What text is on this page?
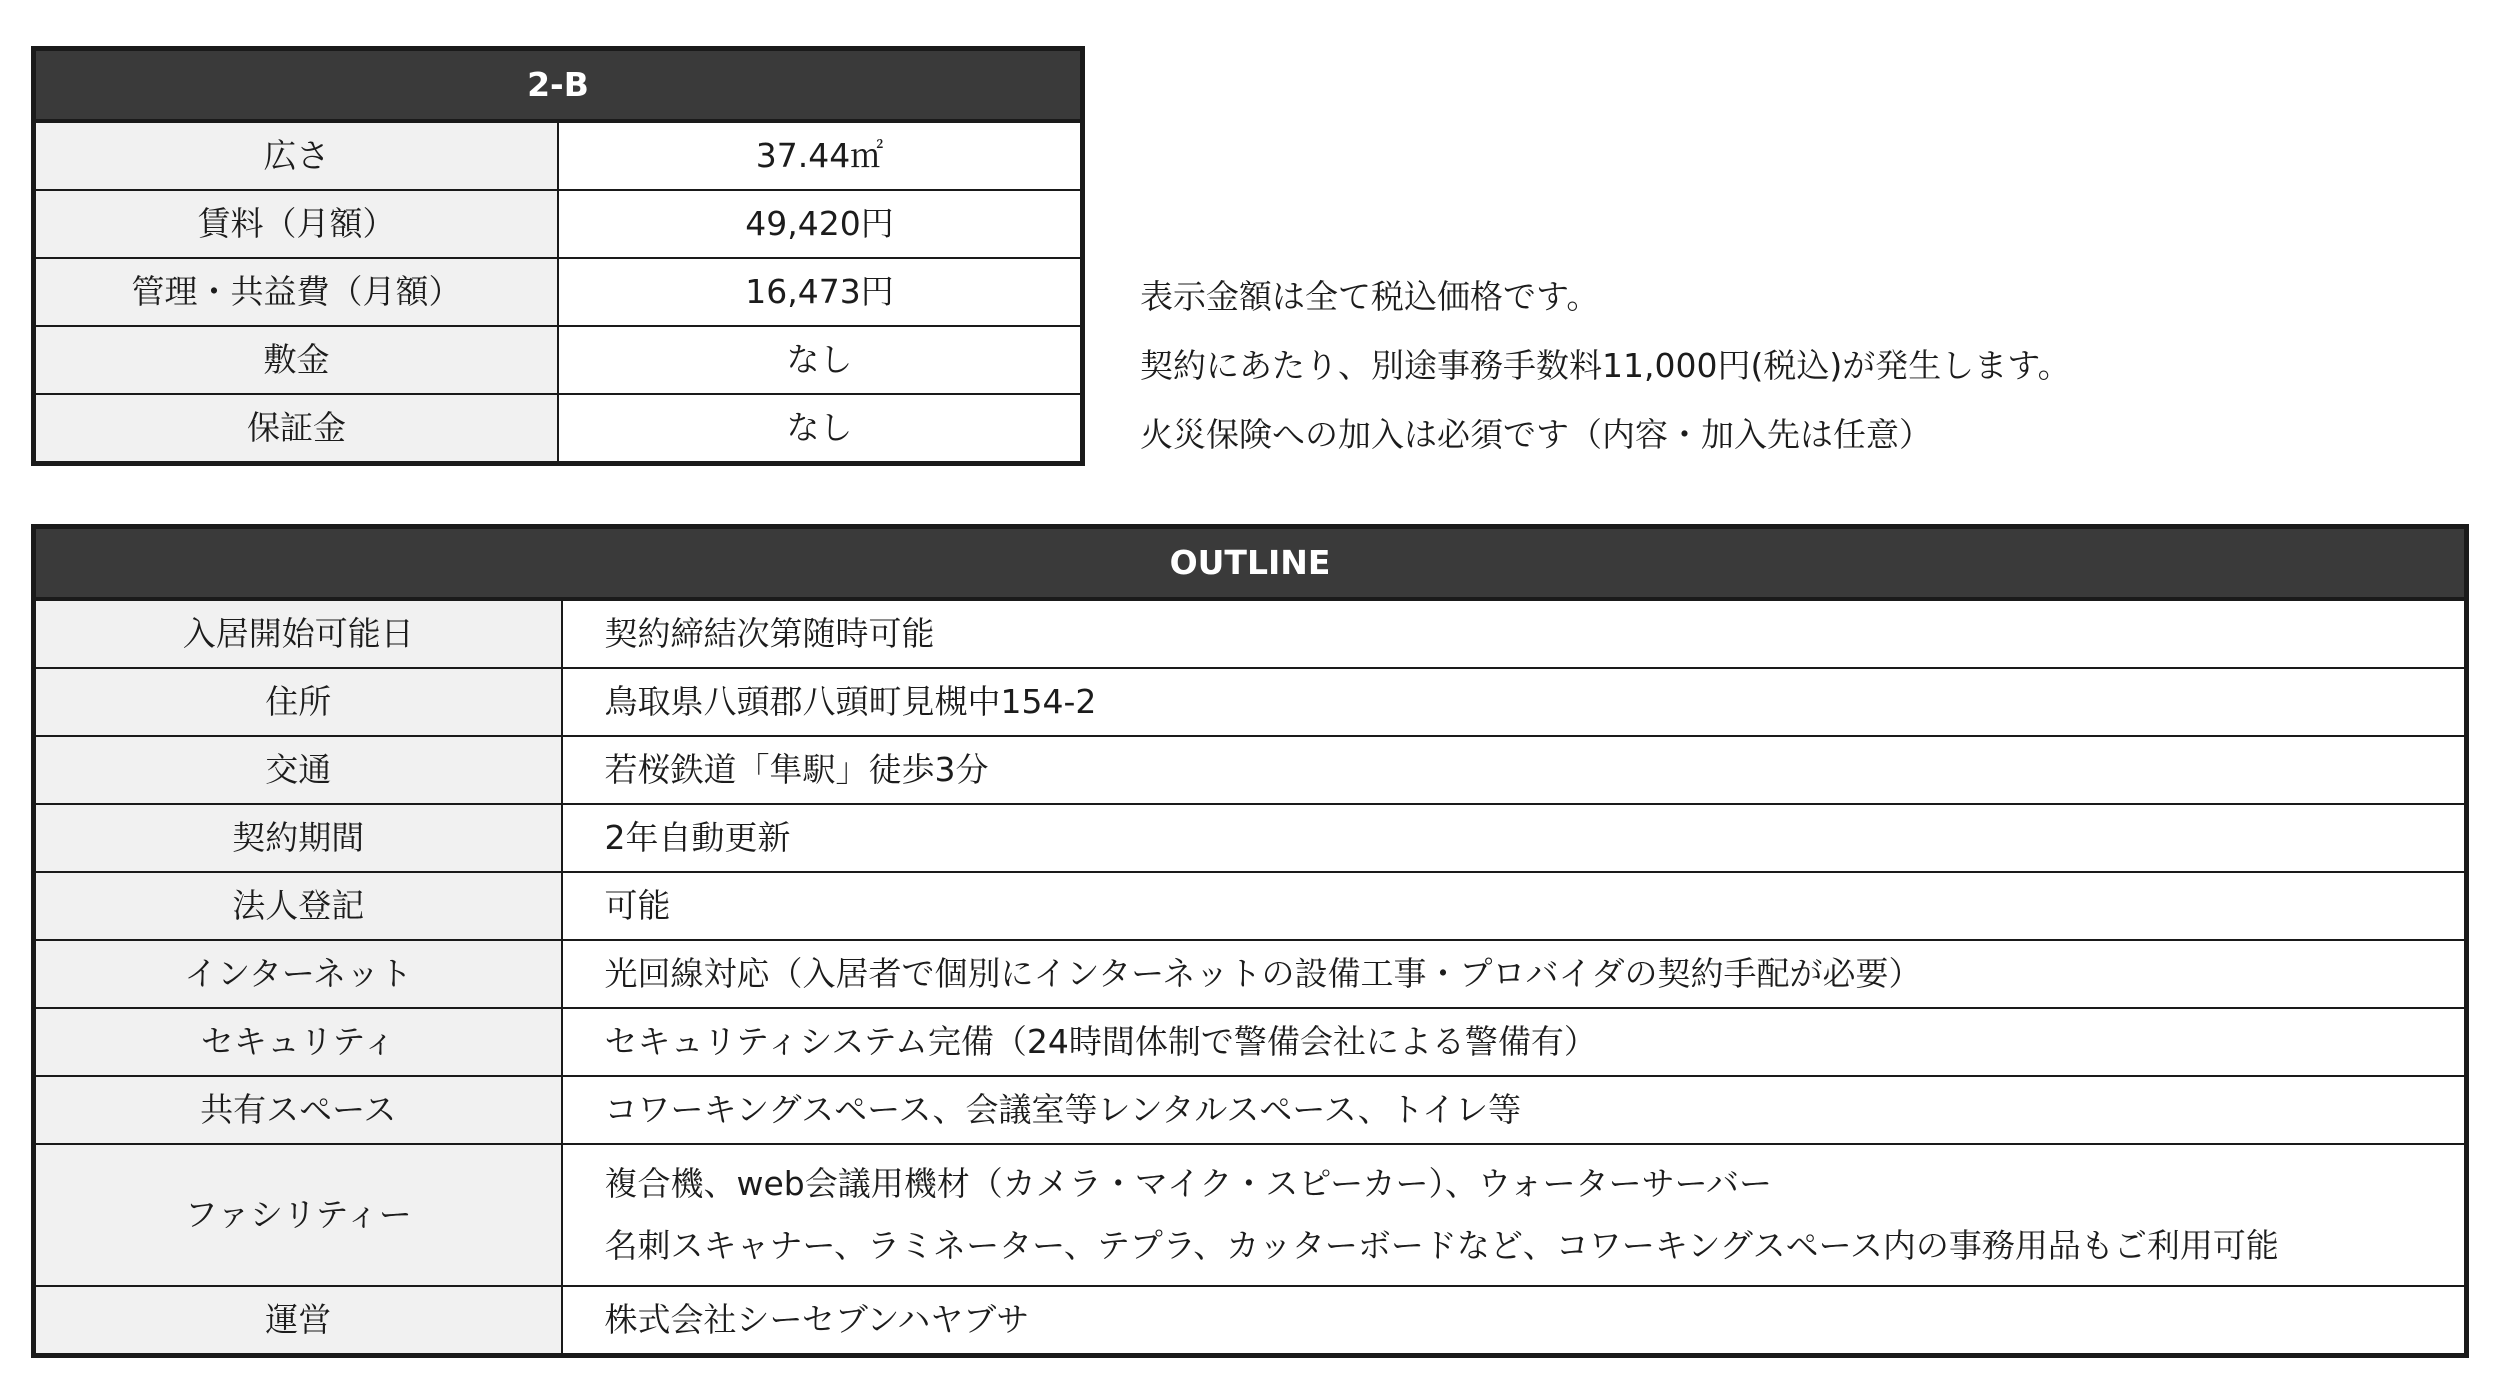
2-B	
広さ	37.44㎡
賃料（月額）	49,420円
管理・共益費（月額）	16,473円
敷金	なし
保証金	なし
表示金額は全て税込価格です。
契約にあたり、別途事務手数料11,000円(税込)が発生します。
火災保険への加入は必須です（内容・加入先は任意）
OUTLINE	
入居開始可能日	契約締結次第随時可能
住所	鳥取県八頭郡八頭町見槻中154-2
交通	若桜鉄道「隼駅」徒歩3分
契約期間	2年自動更新
法人登記	可能
インターネット	光回線対応（入居者で個別にインターネットの設備工事・プロバイダの契約手配が必要）
セキュリティ	セキュリティシステム完備（24時間体制で警備会社による警備有）
共有スペース	コワーキングスペース、会議室等レンタルスペース、トイレ等
ファシリティー	複合機、web会議用機材（カメラ・マイク・スピーカー）、ウォーターサーバー
名刺スキャナー、ラミネーター、テプラ、カッターボードなど、コワーキングスペース内の事務用品もご利用可能

運営	株式会社シーセブンハヤブサ
